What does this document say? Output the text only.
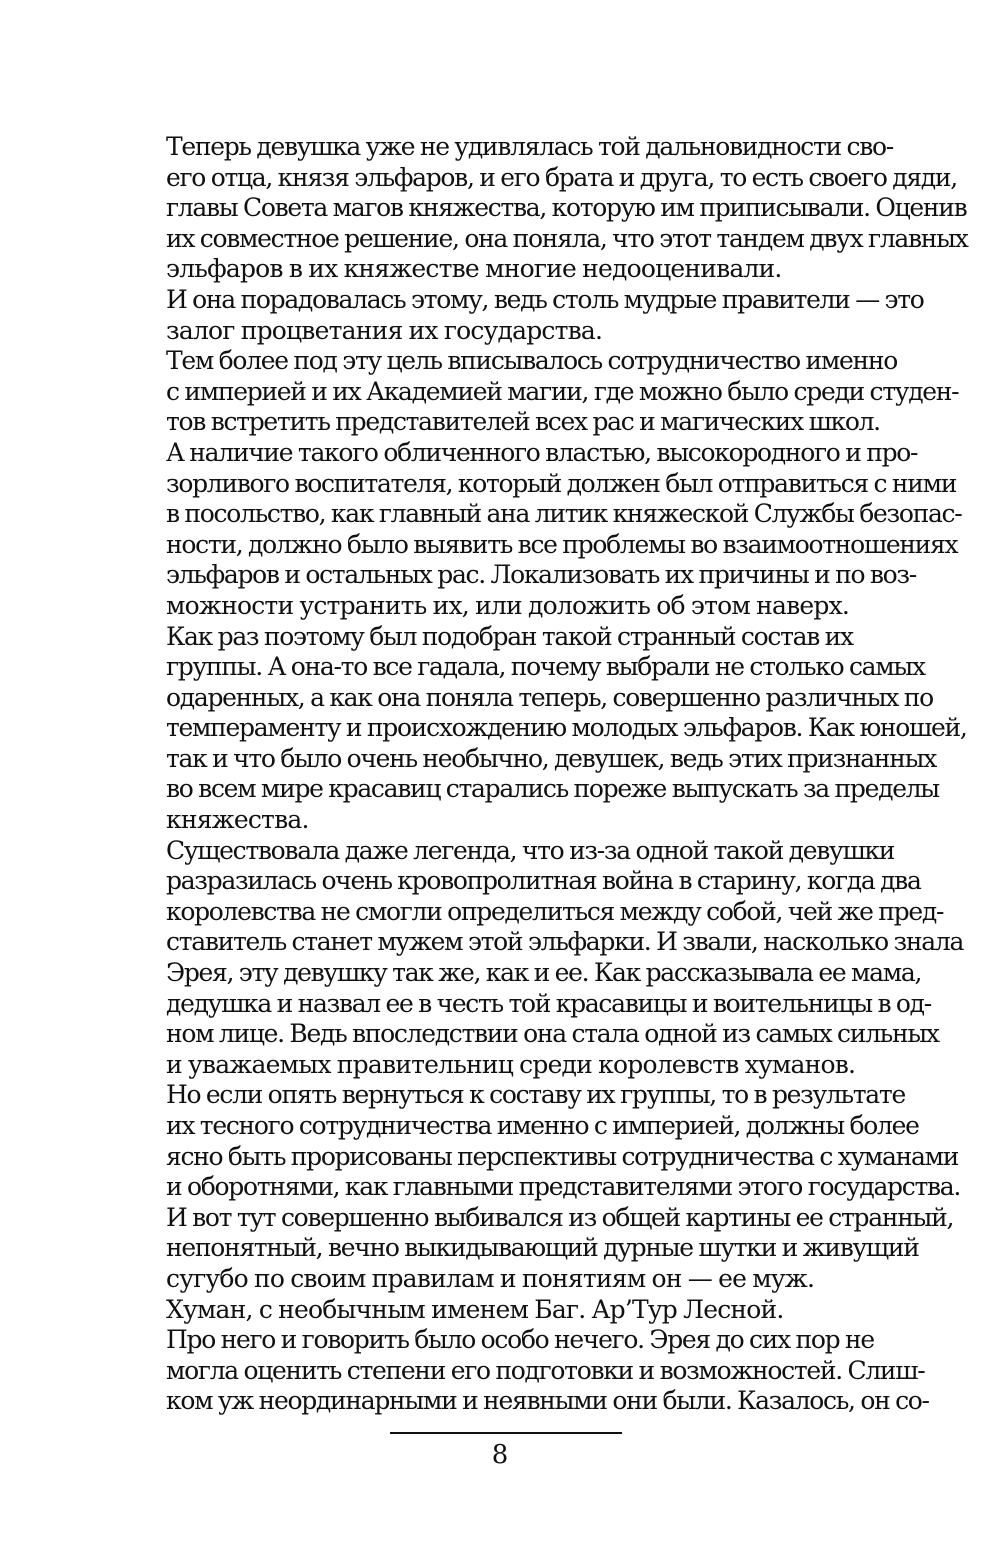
Теперь девушка уже не удивлялась той дальновидности сво-
его отца, князя эльфаров, и его брата и друга, то есть своего дяди,
главы Совета магов княжества, которую им приписывали. Оценив
их совместное решение, она поняла, что этот тандем двух главных
эльфаров в их княжестве многие недооценивали.

И она порадовалась этому, ведь столь мудрые правители — это
залог процветания их государства.

Тем более под эту цель вписывалось сотрудничество именно
с империей и их Академией магии, где можно было среди студен-
тов встретить представителей всех рас и магических школ.

А наличие такого обличенного властью, высокородного и про-
зорливого воспитателя, который должен был отправиться с ними
в посольство, как главный ана литик княжеской Службы безопас-
ности, должно было выявить все проблемы во взаимоотношениях
эльфаров и остальных рас. Локализовать их причины и по воз-
можности устранить их, или доложить об этом наверх.

Как раз поэтому был подобран такой странный состав их
группы. А она-то все гадала, почему выбрали не столько самых
одаренных, а как она поняла теперь, совершенно различных по
темпераменту и происхождению молодых эльфаров. Как юношей,
так и что было очень необычно, девушек, ведь этих признанных
во всем мире красавиц старались пореже выпускать за пределы
княжества.

Существовала даже легенда, что из-за одной такой девушки
разразилась очень кровопролитная война в старину, когда два
королевства не смогли определиться между собой, чей же пред-
ставитель станет мужем этой эльфарки. И звали, насколько знала
Эрея, эту девушку так же, как и ее. Как рассказывала ее мама,
дедушка и назвал ее в честь той красавицы и воительницы в од-
ном лице. Ведь впоследствии она стала одной из самых сильных
и уважаемых правительниц среди королевств хуманов.

Но если опять вернуться к составу их группы, то в результате
их тесного сотрудничества именно с империей, должны более
ясно быть прорисованы перспективы сотрудничества с хуманами
и оборотнями, как главными представителями этого государства.
И вот тут совершенно выбивался из общей картины ее странный,
непонятный, вечно выкидывающий дурные шутки и живущий
сугубо по своим правилам и понятиям он — ее муж.

Хуман, с необычным именем Баг. Ар’Тур Лесной.

Про него и говорить было особо нечего. Эрея до сих пор не
могла оценить степени его подготовки и возможностей. Слиш-
ком уж неординарными и неявными они были. Казалось, он со-

8
